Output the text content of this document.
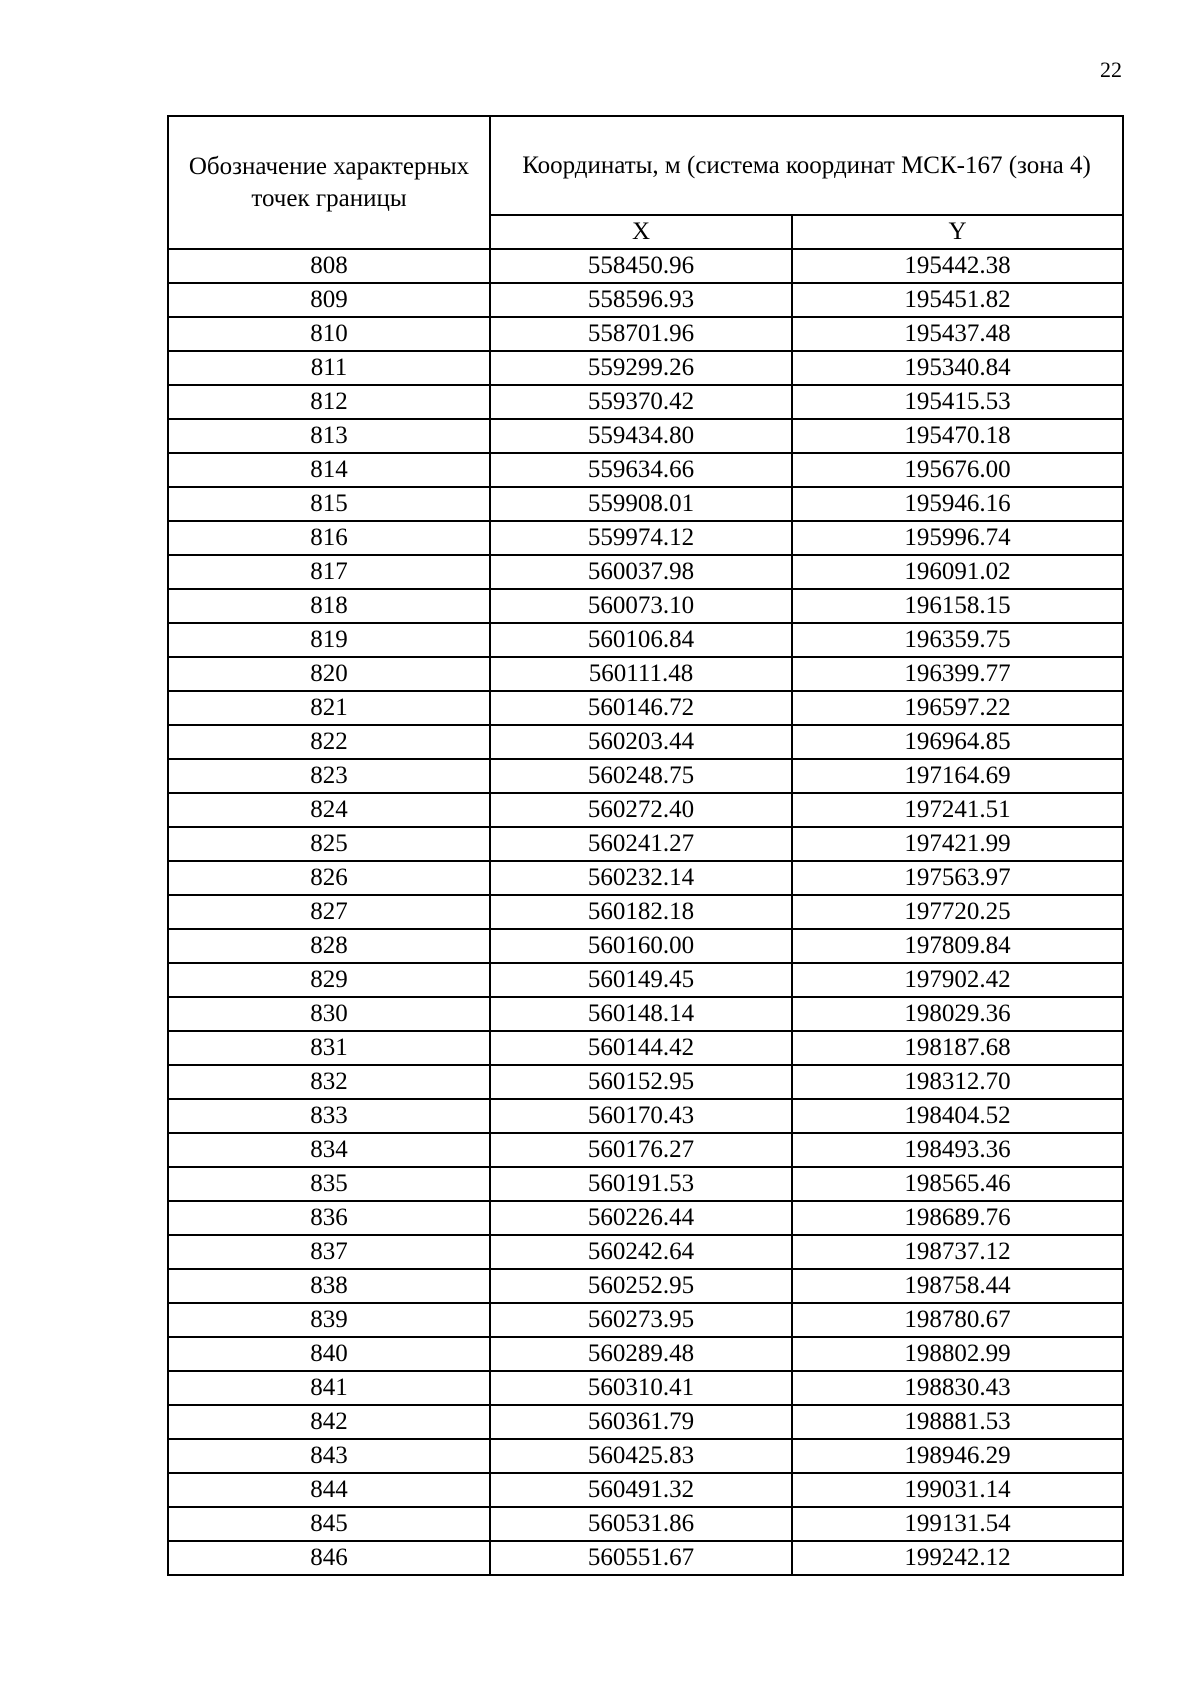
22
Обозначение характерных точек границы	Координаты, м (система координат МСК-167 (зона 4)	

	X	Y
808	558450.96	195442.38
809	558596.93	195451.82
810	558701.96	195437.48
811	559299.26	195340.84
812	559370.42	195415.53
813	559434.80	195470.18
814	559634.66	195676.00
815	559908.01	195946.16
816	559974.12	195996.74
817	560037.98	196091.02
818	560073.10	196158.15
819	560106.84	196359.75
820	560111.48	196399.77
821	560146.72	196597.22
822	560203.44	196964.85
823	560248.75	197164.69
824	560272.40	197241.51
825	560241.27	197421.99
826	560232.14	197563.97
827	560182.18	197720.25
828	560160.00	197809.84
829	560149.45	197902.42
830	560148.14	198029.36
831	560144.42	198187.68
832	560152.95	198312.70
833	560170.43	198404.52
834	560176.27	198493.36
835	560191.53	198565.46
836	560226.44	198689.76
837	560242.64	198737.12
838	560252.95	198758.44
839	560273.95	198780.67
840	560289.48	198802.99
841	560310.41	198830.43
842	560361.79	198881.53
843	560425.83	198946.29
844	560491.32	199031.14
845	560531.86	199131.54
846	560551.67	199242.12
